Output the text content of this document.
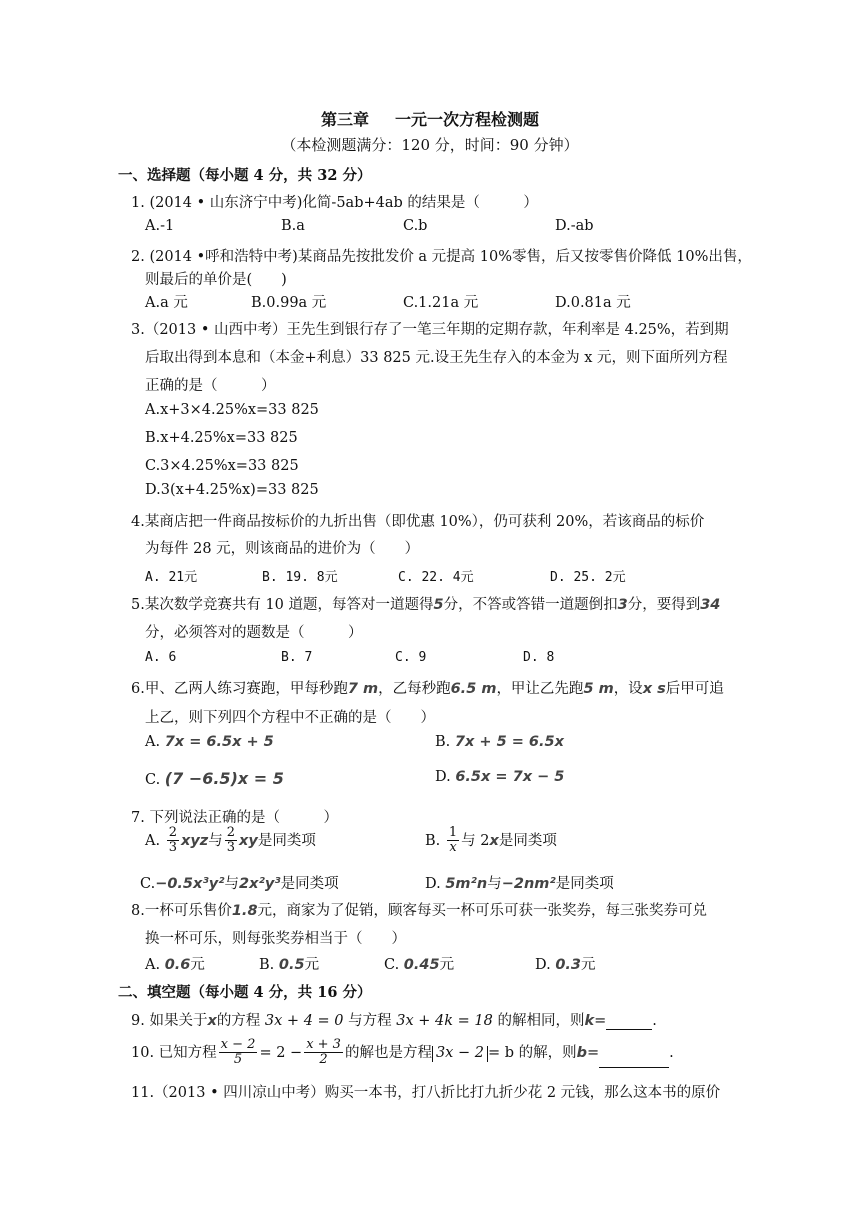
第三章 一元一次方程检测题
（本检测题满分：120 分，时间：90 分钟）
一、选择题（每小题 4 分，共 32 分）
1. (2014 • 山东济宁中考)化简-5ab+4ab 的结果是（　　　）
A.-1	B.a	C.b	D.-ab
2. (2014 •呼和浩特中考)某商品先按批发价 a 元提高 10%零售，后又按零售价降低 10%出售，
则最后的单价是(　　)
A.a 元	B.0.99a 元	C.1.21a 元	D.0.81a 元
3.（2013 • 山西中考）王先生到银行存了一笔三年期的定期存款，年利率是 4.25%，若到期
后取出得到本息和（本金+利息）33 825 元.设王先生存入的本金为 x 元，则下面所列方程
正确的是（　　　）
A.x+3×4.25%x=33 825
B.x+4.25%x=33 825
C.3×4.25%x=33 825
D.3(x+4.25%x)=33 825
4.某商店把一件商品按标价的九折出售（即优惠 10%），仍可获利 20%，若该商品的标价
为每件 28 元，则该商品的进价为（　　）
A. 21元	B. 19. 8元	C. 22. 4元	D. 25. 2元
5.某次数学竞赛共有 10 道题，每答对一道题得5分，不答或答错一道题倒扣3分，要得到34
分，必须答对的题数是（　　　）
A. 6	B. 7	C. 9	D. 8
6.甲、乙两人练习赛跑，甲每秒跑7 m，乙每秒跑6.5 m，甲让乙先跑5 m，设x s后甲可追
上乙，则下列四个方程中不正确的是（　　）
A. 7x = 6.5x + 5	B. 7x + 5 = 6.5x
C. (7 −6.5)x = 5	D. 6.5x = 7x − 5
7. 下列说法正确的是（　　　）
A. $\frac{2}{3}$ xyz与 $\frac{2}{3}$ xy是同类项	B. $\frac{1}{x}$ 与 2x是同类项
C.−0.5x³y²与2x²y³是同类项	D. 5m²n与−2nm²是同类项
8.一杯可乐售价1.8元，商家为了促销，顾客每买一杯可乐可获一张奖券，每三张奖券可兑
换一杯可乐，则每张奖券相当于（　　）
A. 0.6元	B. 0.5元	C. 0.45元	D. 0.3元
二、填空题（每小题 4 分，共 16 分）
9. 如果关于x的方程 3x + 4 = 0 与方程 3x + 4k = 18 的解相同，则k=	.
10. 已知方程 $\frac{x - 2}{5} = 2 - \frac{x + 3}{2}$ 的解也是方程 3x − 2 = b 的解，则b=	.
11.（2013 • 四川凉山中考）购买一本书，打八折比打九折少花 2 元钱，那么这本书的原价
